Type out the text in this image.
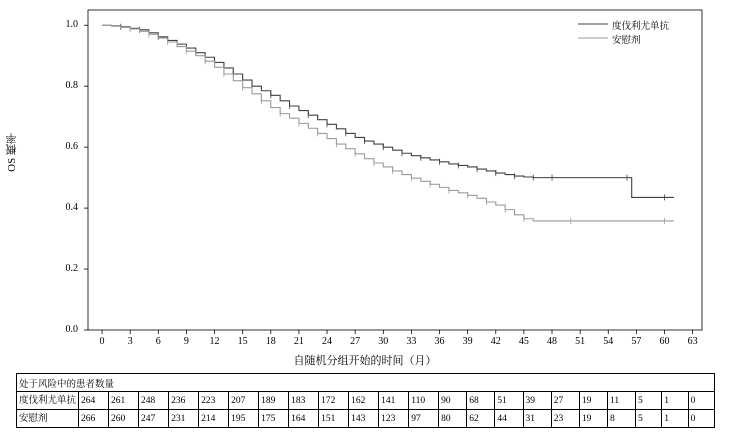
OS 概率
自随机分组开始的时间（月）
度伐利尤单抗
安慰剂
0	3	6	9	12	15	18	21	24	27	30	33	36	39	42	45	48	51	54	57	60	63
0.0
0.2
0.4
0.6
0.8
1.0
处于风险中的患者数量																						
度伐利尤单抗	264	261	248	236	223	207	189	183	172	162	141	110	90	68	51	39	27	19	11	5	1	0
安慰剂	266	260	247	231	214	195	175	164	151	143	123	97	80	62	44	31	23	19	8	5	1	0
